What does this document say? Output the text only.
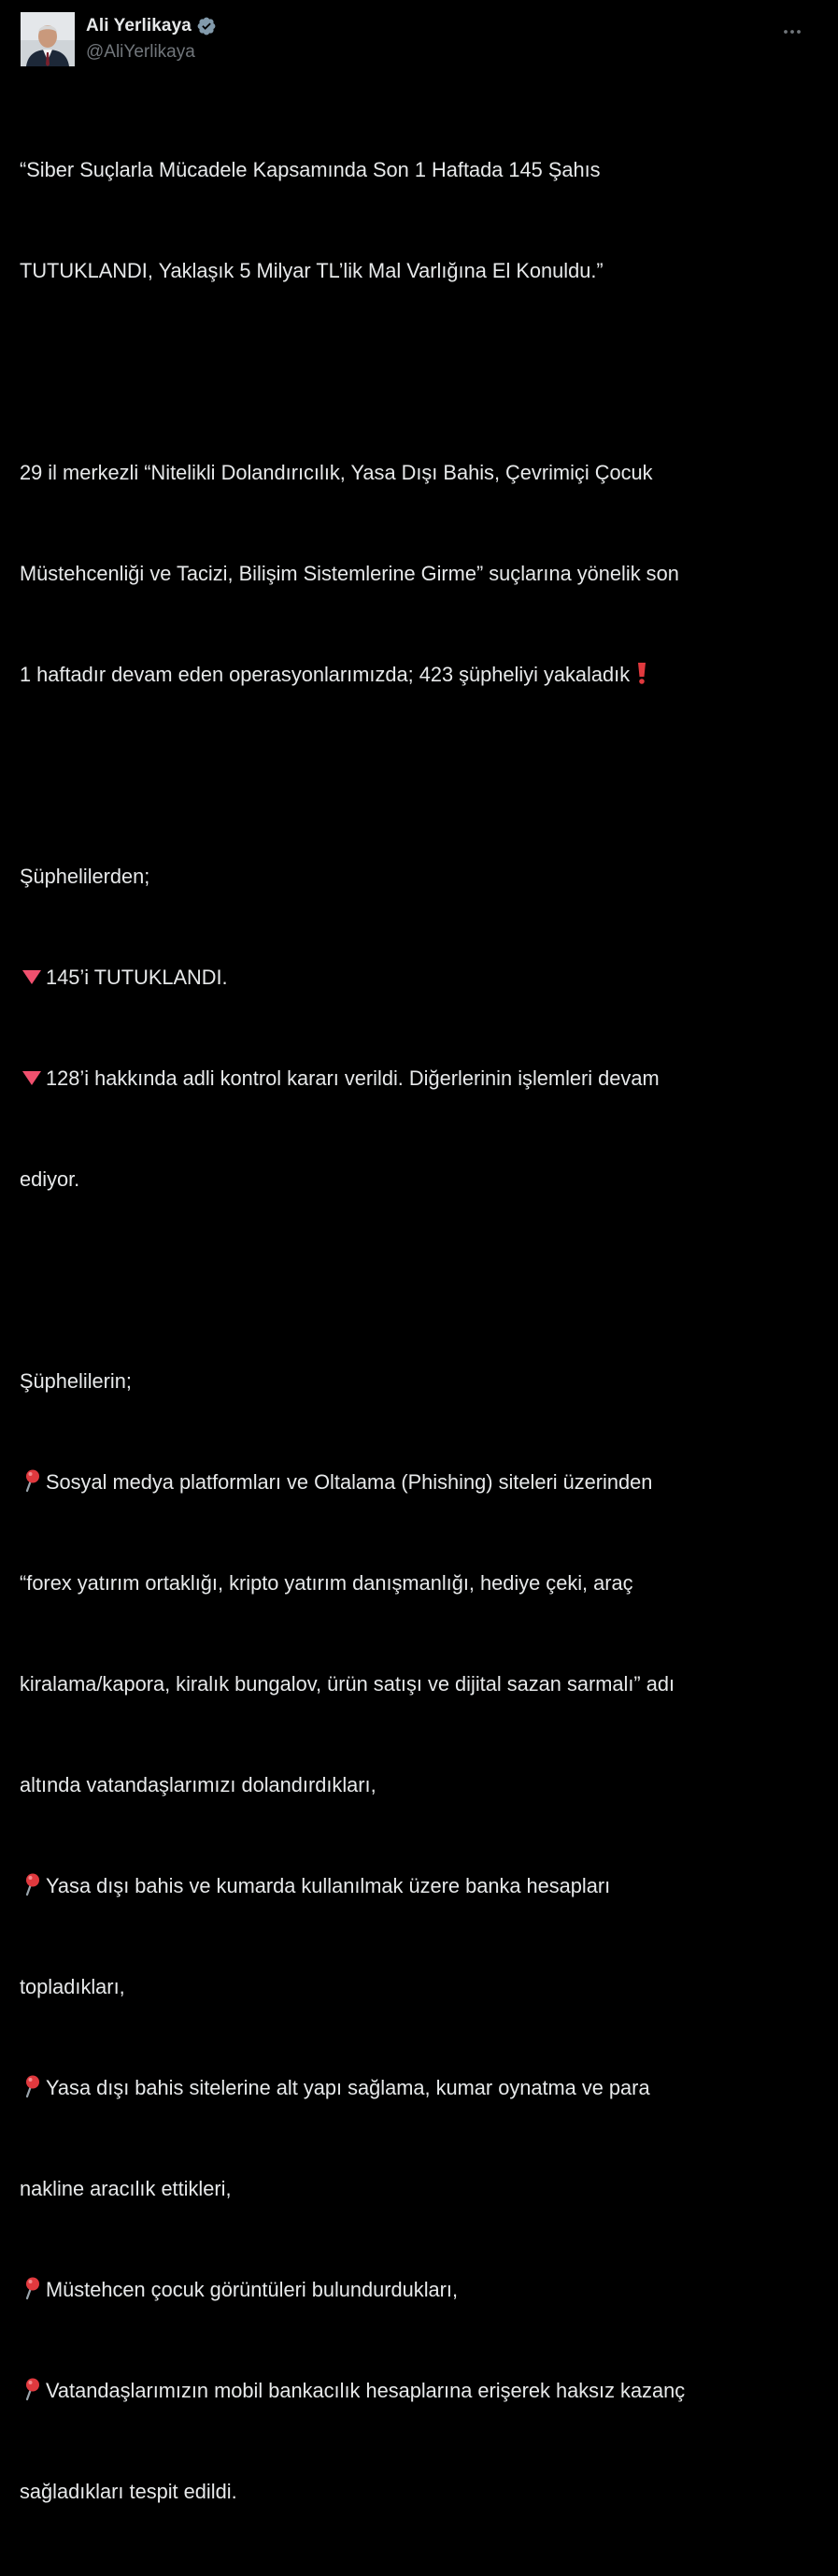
Ali Yerlikaya
@AliYerlikaya

“Siber Suçlarla Mücadele Kapsamında Son 1 Haftada 145 Şahıs

TUTUKLANDI, Yaklaşık 5 Milyar TL’lik Mal Varlığına El Konuldu.”

29 il merkezli “Nitelikli Dolandırıcılık, Yasa Dışı Bahis, Çevrimiçi Çocuk

Müstehcenliği ve Tacizi, Bilişim Sistemlerine Girme” suçlarına yönelik son

1 haftadır devam eden operasyonlarımızda; 423 şüpheliyi yakaladık

Şüphelilerden;

145’i TUTUKLANDI.

128’i hakkında adli kontrol kararı verildi. Diğerlerinin işlemleri devam

ediyor.

Şüphelilerin;

Sosyal medya platformları ve Oltalama (Phishing) siteleri üzerinden

“forex yatırım ortaklığı, kripto yatırım danışmanlığı, hediye çeki, araç

kiralama/kapora, kiralık bungalov, ürün satışı ve dijital sazan sarmalı” adı

altında vatandaşlarımızı dolandırdıkları,

Yasa dışı bahis ve kumarda kullanılmak üzere banka hesapları

topladıkları,

Yasa dışı bahis sitelerine alt yapı sağlama, kumar oynatma ve para

nakline aracılık ettikleri,

Müstehcen çocuk görüntüleri bulundurdukları,

Vatandaşlarımızın mobil bankacılık hesaplarına erişerek haksız kazanç

sağladıkları tespit edildi.
